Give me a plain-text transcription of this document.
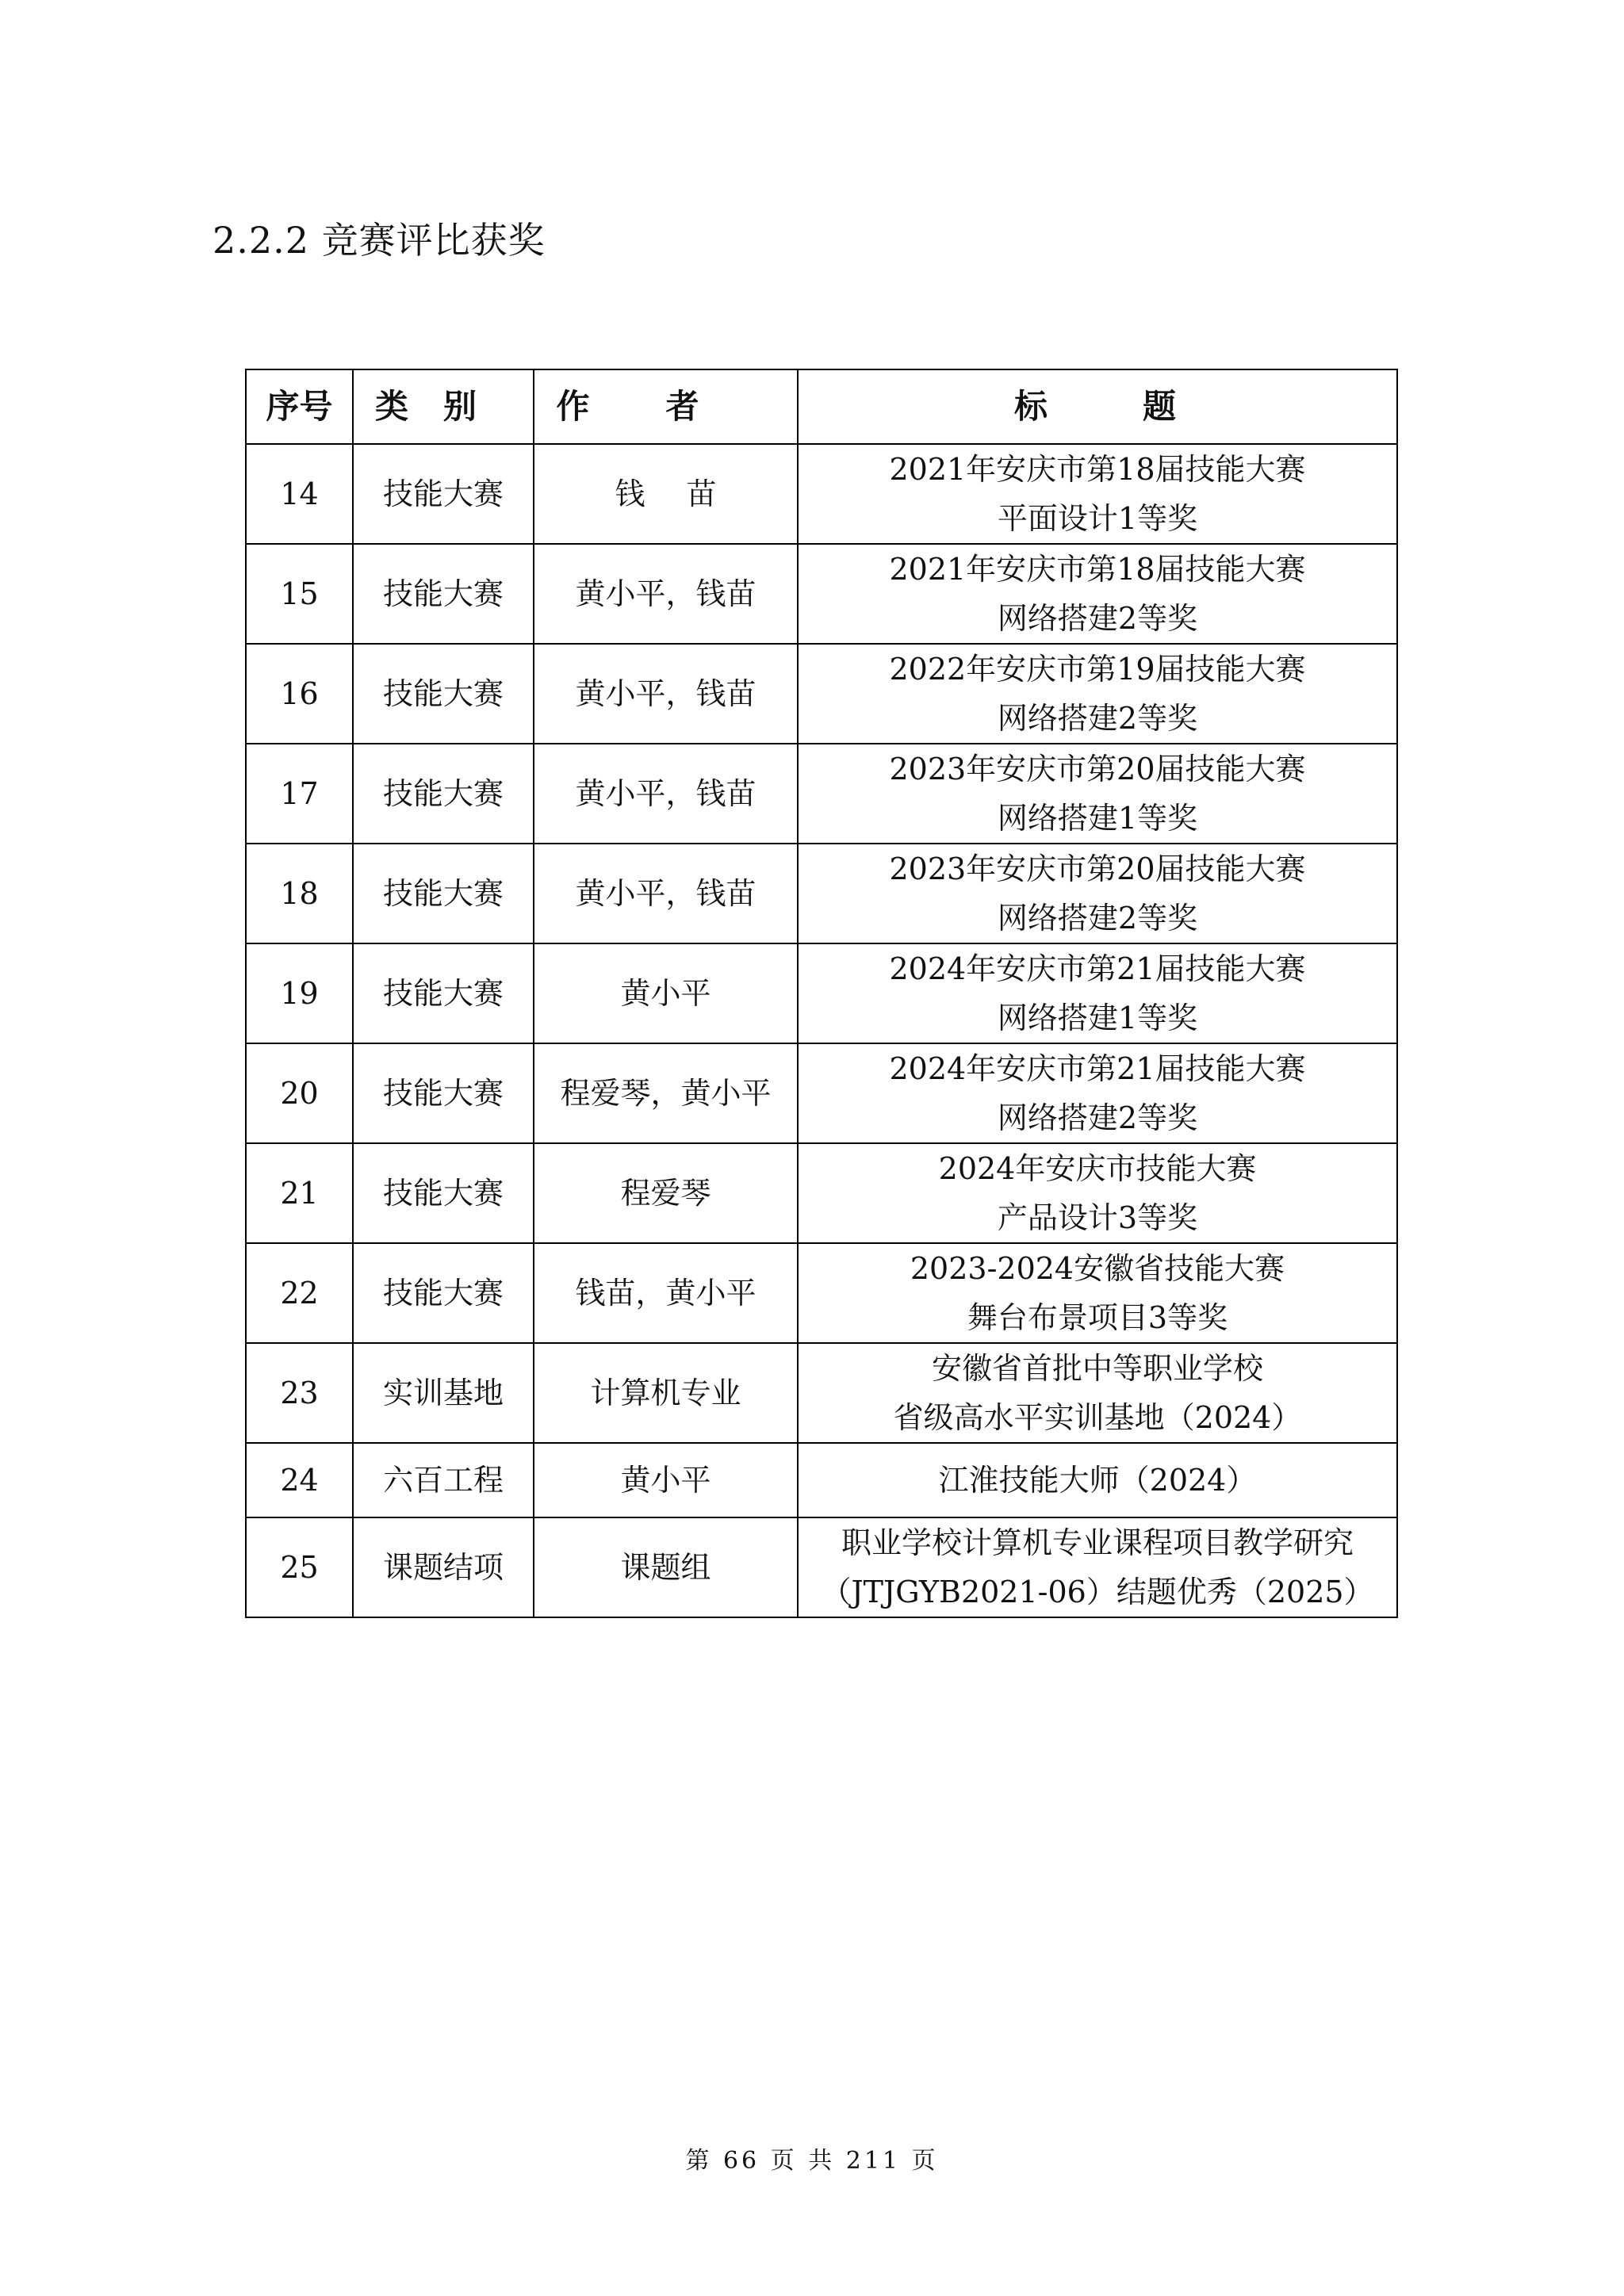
2.2.2 竞赛评比获奖
序号	类别	作者	标题
14	技能大赛	钱 苗	2021年安庆市第18届技能大赛
平面设计1等奖

15	技能大赛	黄小平，钱苗	2021年安庆市第18届技能大赛
网络搭建2等奖

16	技能大赛	黄小平，钱苗	2022年安庆市第19届技能大赛
网络搭建2等奖

17	技能大赛	黄小平，钱苗	2023年安庆市第20届技能大赛
网络搭建1等奖

18	技能大赛	黄小平，钱苗	2023年安庆市第20届技能大赛
网络搭建2等奖

19	技能大赛	黄小平	2024年安庆市第21届技能大赛
网络搭建1等奖

20	技能大赛	程爱琴，黄小平	2024年安庆市第21届技能大赛
网络搭建2等奖

21	技能大赛	程爱琴	2024年安庆市技能大赛
产品设计3等奖

22	技能大赛	钱苗，黄小平	2023-2024安徽省技能大赛
舞台布景项目3等奖

23	实训基地	计算机专业	安徽省首批中等职业学校
省级高水平实训基地（2024）

24	六百工程	黄小平	江淮技能大师（2024）

25	课题结项	课题组	职业学校计算机专业课程项目教学研究
（JTJGYB2021-06）结题优秀（2025）
第 66 页 共 211 页
